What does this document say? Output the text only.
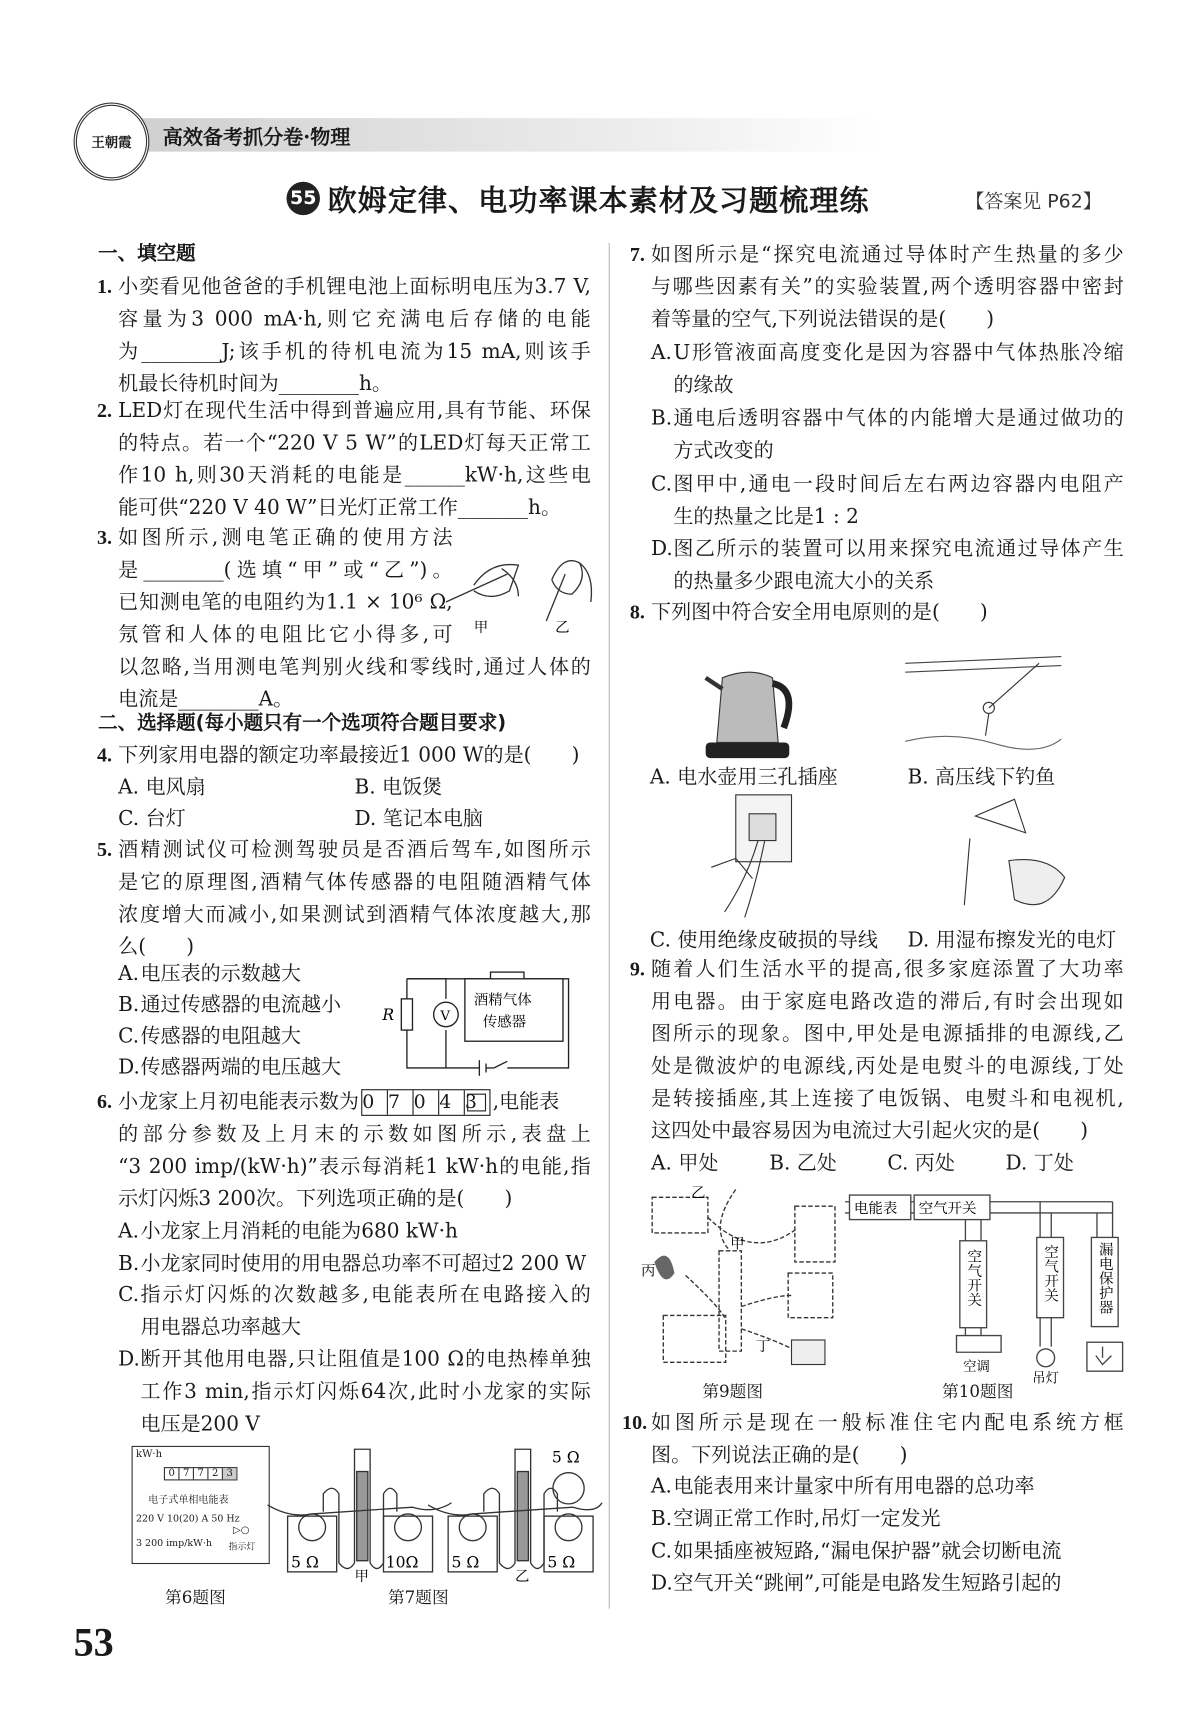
王朝霞 高效备考抓分卷·物理
55 欧姆定律、电功率课本素材及习题梳理练	【答案见 P62】
一、填空题
1. 小奕看见他爸爸的手机锂电池上面标明电压为3.7 V,
容量为3 000 mA·h,则它充满电后存储的电能
为________J;该手机的待机电流为15 mA,则该手
机最长待机时间为________h。
2. LED灯在现代生活中得到普遍应用,具有节能、环保
的特点。若一个“220 V 5 W”的LED灯每天正常工
作10 h,则30天消耗的电能是______kW·h,这些电
能可供“220 V 40 W”日光灯正常工作_______h。
3. 如图所示,测电笔正确的使用方法
是________(选填“甲”或“乙”)。
已知测电笔的电阻约为1.1 × 10⁶ Ω,
氖管和人体的电阻比它小得多,可
以忽略,当用测电笔判别火线和零线时,通过人体的
电流是________A。
二、选择题(每小题只有一个选项符合题目要求)
4. 下列家用电器的额定功率最接近1 000 W的是(　　)
A. 电风扇	B. 电饭煲
C. 台灯	D. 笔记本电脑
5. 酒精测试仪可检测驾驶员是否酒后驾车,如图所示
是它的原理图,酒精气体传感器的电阻随酒精气体
浓度增大而减小,如果测试到酒精气体浓度越大,那
么(　　)
A. 电压表的示数越大
B. 通过传感器的电流越小
C. 传感器的电阻越大
D. 传感器两端的电压越大
6. 小龙家上月初电能表示数为 0 7 0 4 3 ,电能表
的部分参数及上月末的示数如图所示,表盘上
“3 200 imp/(kW·h)”表示每消耗1 kW·h的电能,指
示灯闪烁3 200次。下列选项正确的是(　　)
A. 小龙家上月消耗的电能为680 kW·h
B. 小龙家同时使用的用电器总功率不可超过2 200 W
C. 指示灯闪烁的次数越多,电能表所在电路接入的
用电器总功率越大
D. 断开其他用电器,只让阻值是100 Ω的电热棒单独
工作3 min,指示灯闪烁64次,此时小龙家的实际
电压是200 V
7. 如图所示是“探究电流通过导体时产生热量的多少
与哪些因素有关”的实验装置,两个透明容器中密封
着等量的空气,下列说法错误的是(　　)
A. U形管液面高度变化是因为容器中气体热胀冷缩
的缘故
B. 通电后透明容器中气体的内能增大是通过做功的
方式改变的
C. 图甲中,通电一段时间后左右两边容器内电阻产
生的热量之比是1 : 2
D. 图乙所示的装置可以用来探究电流通过导体产生
的热量多少跟电流大小的关系
8. 下列图中符合安全用电原则的是(　　)
9. 随着人们生活水平的提高,很多家庭添置了大功率
用电器。由于家庭电路改造的滞后,有时会出现如
图所示的现象。图中,甲处是电源插排的电源线,乙
处是微波炉的电源线,丙处是电熨斗的电源线,丁处
是转接插座,其上连接了电饭锅、电熨斗和电视机,
这四处中最容易因为电流过大引起火灾的是(　　)
A. 甲处	B. 乙处	C. 丙处	D. 丁处
10. 如图所示是现在一般标准住宅内配电系统方框
图。下列说法正确的是(　　)
A. 电能表用来计量家中所有用电器的总功率
B. 空调正常工作时,吊灯一定发光
C. 如果插座被短路,“漏电保护器”就会切断电流
D. 空气开关“跳闸”,可能是电路发生短路引起的
甲	乙
R	V
酒精气体
传感器
kW·h
0 7 7 2 3
电子式单相电能表
220 V 10(20) A 50 Hz
▷○
3 200 imp/kW·h 指示灯
第6题图
5 Ω	10Ω
甲
5 Ω	5 Ω
5 Ω
乙
第7题图
A. 电水壶用三孔插座	B. 高压线下钓鱼
C. 使用绝缘皮破损的导线 D. 用湿布擦发光的电灯
乙
甲
丙
丁
第9题图
电能表 空气开关
空气开关	空气开关	漏电保护器
空调
吊灯
第10题图
53
